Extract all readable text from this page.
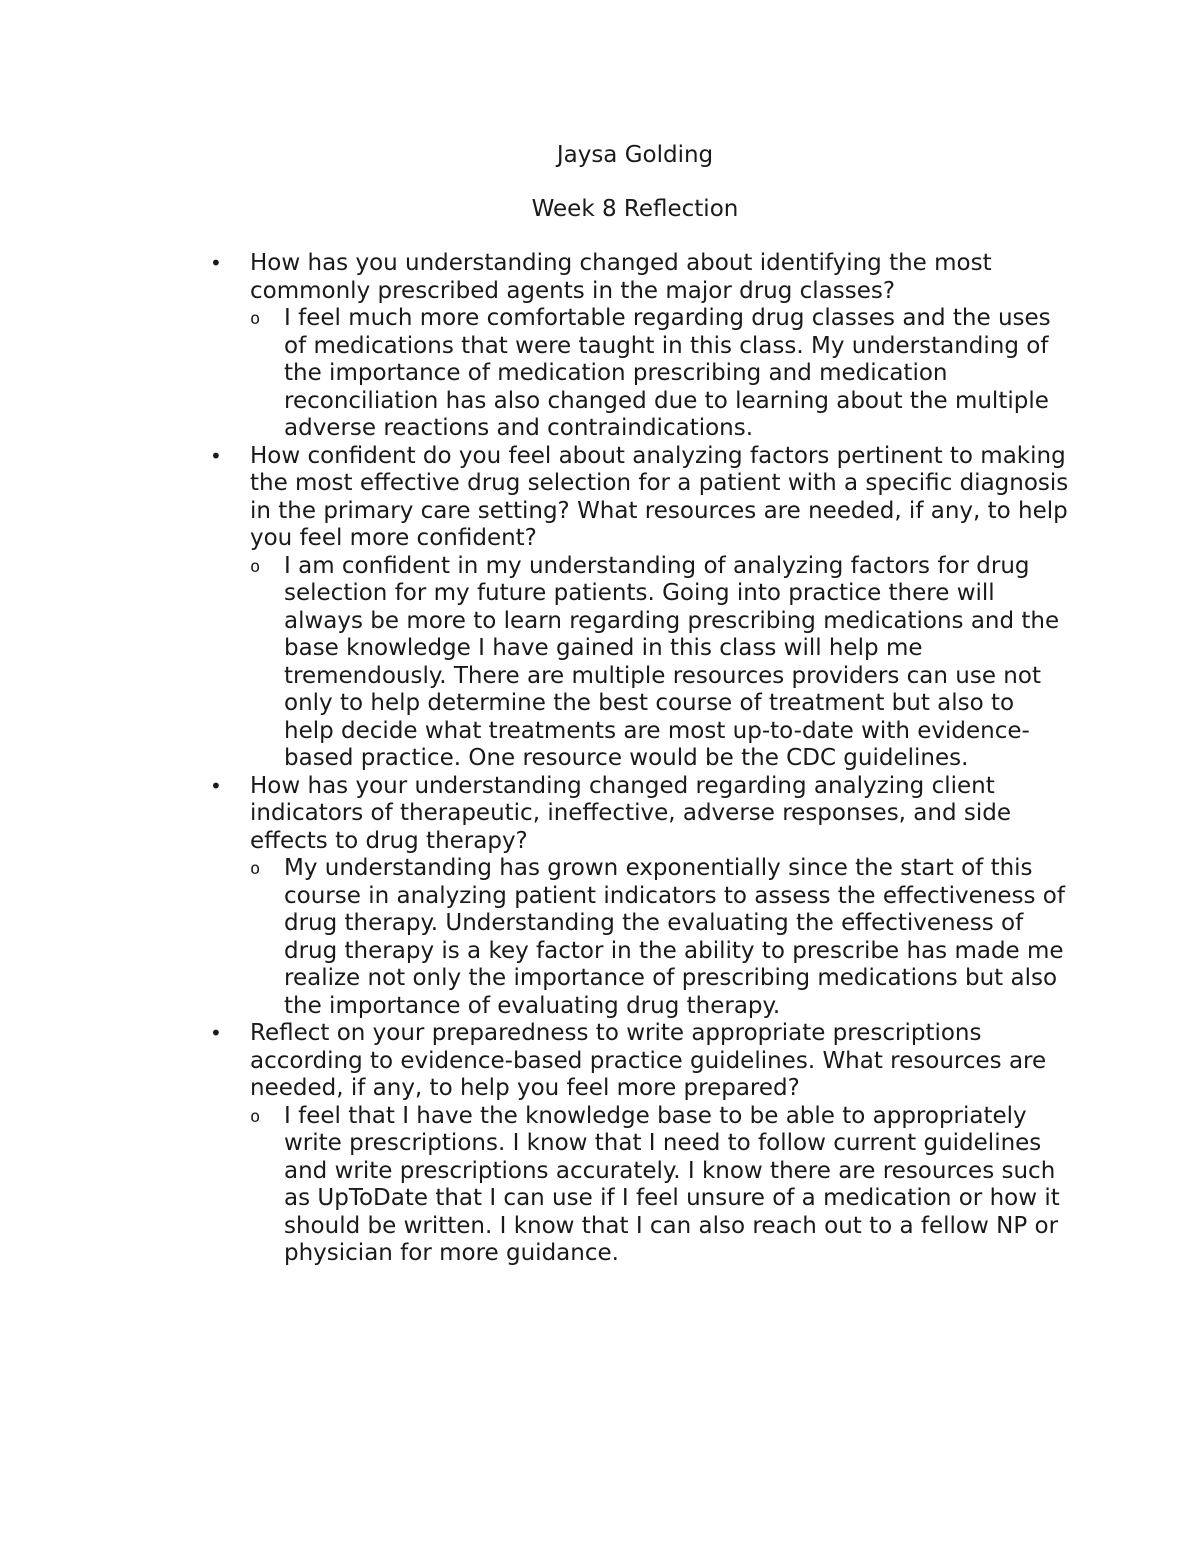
Jaysa Golding
Week 8 Reflection
•	How has you understanding changed about identifying the most commonly prescribed agents in the major drug classes?
o I feel much more comfortable regarding drug classes and the uses of medications that were taught in this class. My understanding of the importance of medication prescribing and medication reconciliation has also changed due to learning about the multiple adverse reactions and contraindications.
•	How confident do you feel about analyzing factors pertinent to making the most effective drug selection for a patient with a specific diagnosis in the primary care setting? What resources are needed, if any, to help you feel more confident?
o I am confident in my understanding of analyzing factors for drug selection for my future patients. Going into practice there will always be more to learn regarding prescribing medications and the base knowledge I have gained in this class will help me tremendously. There are multiple resources providers can use not only to help determine the best course of treatment but also to help decide what treatments are most up-to-date with evidence-based practice. One resource would be the CDC guidelines.
•	How has your understanding changed regarding analyzing client indicators of therapeutic, ineffective, adverse responses, and side effects to drug therapy?
o My understanding has grown exponentially since the start of this course in analyzing patient indicators to assess the effectiveness of drug therapy. Understanding the evaluating the effectiveness of drug therapy is a key factor in the ability to prescribe has made me realize not only the importance of prescribing medications but also the importance of evaluating drug therapy.
•	Reflect on your preparedness to write appropriate prescriptions according to evidence-based practice guidelines. What resources are needed, if any, to help you feel more prepared?
o I feel that I have the knowledge base to be able to appropriately write prescriptions. I know that I need to follow current guidelines and write prescriptions accurately. I know there are resources such as UpToDate that I can use if I feel unsure of a medication or how it should be written. I know that I can also reach out to a fellow NP or physician for more guidance.
